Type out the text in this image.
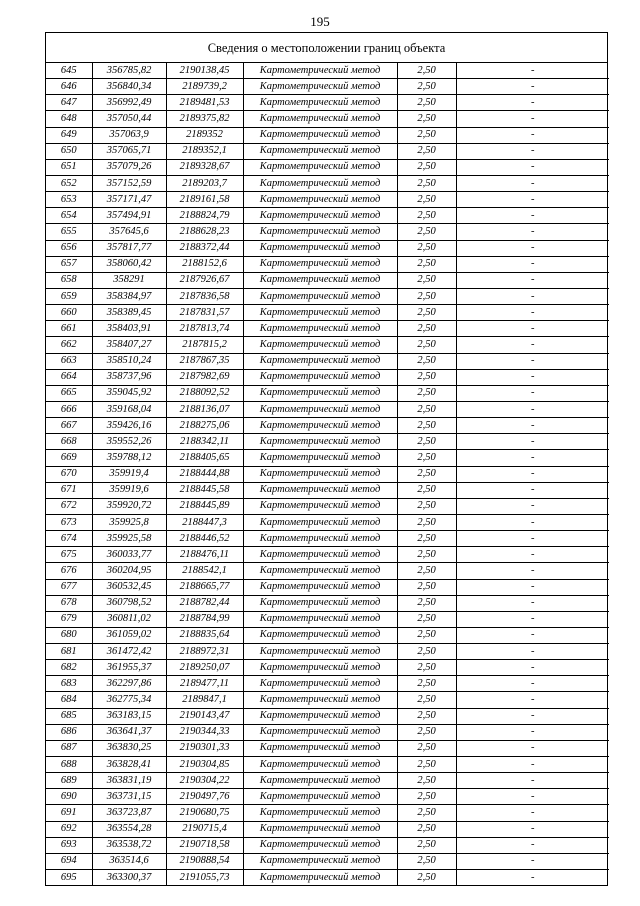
195
Сведения о местоположении границ объекта
645	356785,82	2190138,45	Картометрический метод	2,50	-
646	356840,34	2189739,2	Картометрический метод	2,50	-
647	356992,49	2189481,53	Картометрический метод	2,50	-
648	357050,44	2189375,82	Картометрический метод	2,50	-
649	357063,9	2189352	Картометрический метод	2,50	-
650	357065,71	2189352,1	Картометрический метод	2,50	-
651	357079,26	2189328,67	Картометрический метод	2,50	-
652	357152,59	2189203,7	Картометрический метод	2,50	-
653	357171,47	2189161,58	Картометрический метод	2,50	-
654	357494,91	2188824,79	Картометрический метод	2,50	-
655	357645,6	2188628,23	Картометрический метод	2,50	-
656	357817,77	2188372,44	Картометрический метод	2,50	-
657	358060,42	2188152,6	Картометрический метод	2,50	-
658	358291	2187926,67	Картометрический метод	2,50	-
659	358384,97	2187836,58	Картометрический метод	2,50	-
660	358389,45	2187831,57	Картометрический метод	2,50	-
661	358403,91	2187813,74	Картометрический метод	2,50	-
662	358407,27	2187815,2	Картометрический метод	2,50	-
663	358510,24	2187867,35	Картометрический метод	2,50	-
664	358737,96	2187982,69	Картометрический метод	2,50	-
665	359045,92	2188092,52	Картометрический метод	2,50	-
666	359168,04	2188136,07	Картометрический метод	2,50	-
667	359426,16	2188275,06	Картометрический метод	2,50	-
668	359552,26	2188342,11	Картометрический метод	2,50	-
669	359788,12	2188405,65	Картометрический метод	2,50	-
670	359919,4	2188444,88	Картометрический метод	2,50	-
671	359919,6	2188445,58	Картометрический метод	2,50	-
672	359920,72	2188445,89	Картометрический метод	2,50	-
673	359925,8	2188447,3	Картометрический метод	2,50	-
674	359925,58	2188446,52	Картометрический метод	2,50	-
675	360033,77	2188476,11	Картометрический метод	2,50	-
676	360204,95	2188542,1	Картометрический метод	2,50	-
677	360532,45	2188665,77	Картометрический метод	2,50	-
678	360798,52	2188782,44	Картометрический метод	2,50	-
679	360811,02	2188784,99	Картометрический метод	2,50	-
680	361059,02	2188835,64	Картометрический метод	2,50	-
681	361472,42	2188972,31	Картометрический метод	2,50	-
682	361955,37	2189250,07	Картометрический метод	2,50	-
683	362297,86	2189477,11	Картометрический метод	2,50	-
684	362775,34	2189847,1	Картометрический метод	2,50	-
685	363183,15	2190143,47	Картометрический метод	2,50	-
686	363641,37	2190344,33	Картометрический метод	2,50	-
687	363830,25	2190301,33	Картометрический метод	2,50	-
688	363828,41	2190304,85	Картометрический метод	2,50	-
689	363831,19	2190304,22	Картометрический метод	2,50	-
690	363731,15	2190497,76	Картометрический метод	2,50	-
691	363723,87	2190680,75	Картометрический метод	2,50	-
692	363554,28	2190715,4	Картометрический метод	2,50	-
693	363538,72	2190718,58	Картометрический метод	2,50	-
694	363514,6	2190888,54	Картометрический метод	2,50	-
695	363300,37	2191055,73	Картометрический метод	2,50	-
